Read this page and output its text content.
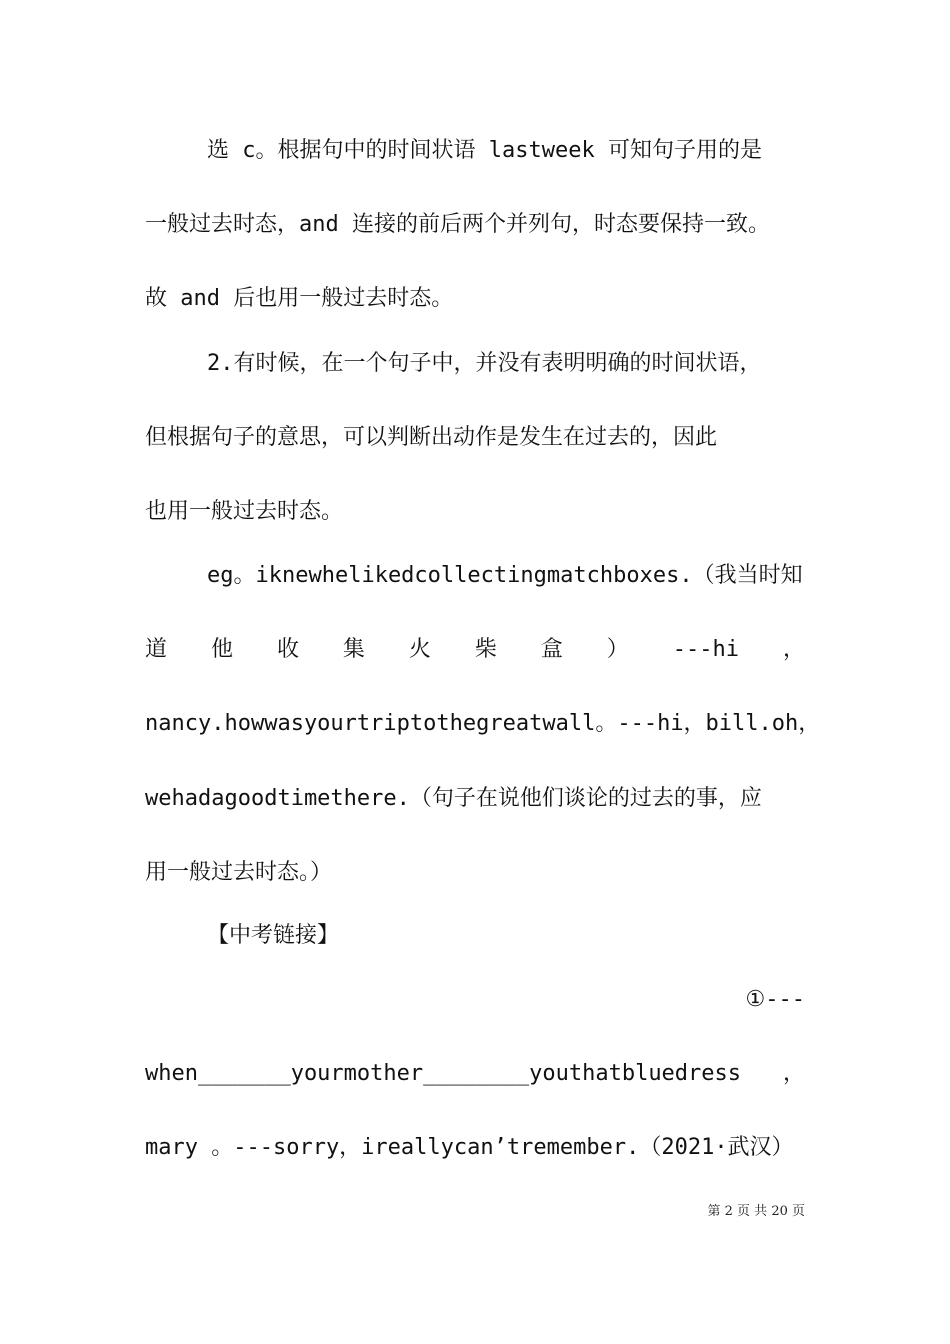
选 c。根据句中的时间状语 lastweek 可知句子用的是
一般过去时态，and 连接的前后两个并列句，时态要保持一致。
故 and 后也用一般过去时态。
2.有时候，在一个句子中，并没有表明明确的时间状语，
但根据句子的意思，可以判断出动作是发生在过去的，因此
也用一般过去时态。
eg。iknewhelikedcollectingmatchboxes.（我当时知
道 他 收 集 火 柴 盒 ） ---hi ，
nancy.howwasyourtriptothegreatwall。---hi，bill.oh，
wehadagoodtimethere.（句子在说他们谈论的过去的事，应
用一般过去时态。）
【中考链接】
①---
when_______yourmother________youthatbluedress ，
mary 。---sorry，ireallycan’tremember.（2021·武汉）
第 2 页 共 20 页
